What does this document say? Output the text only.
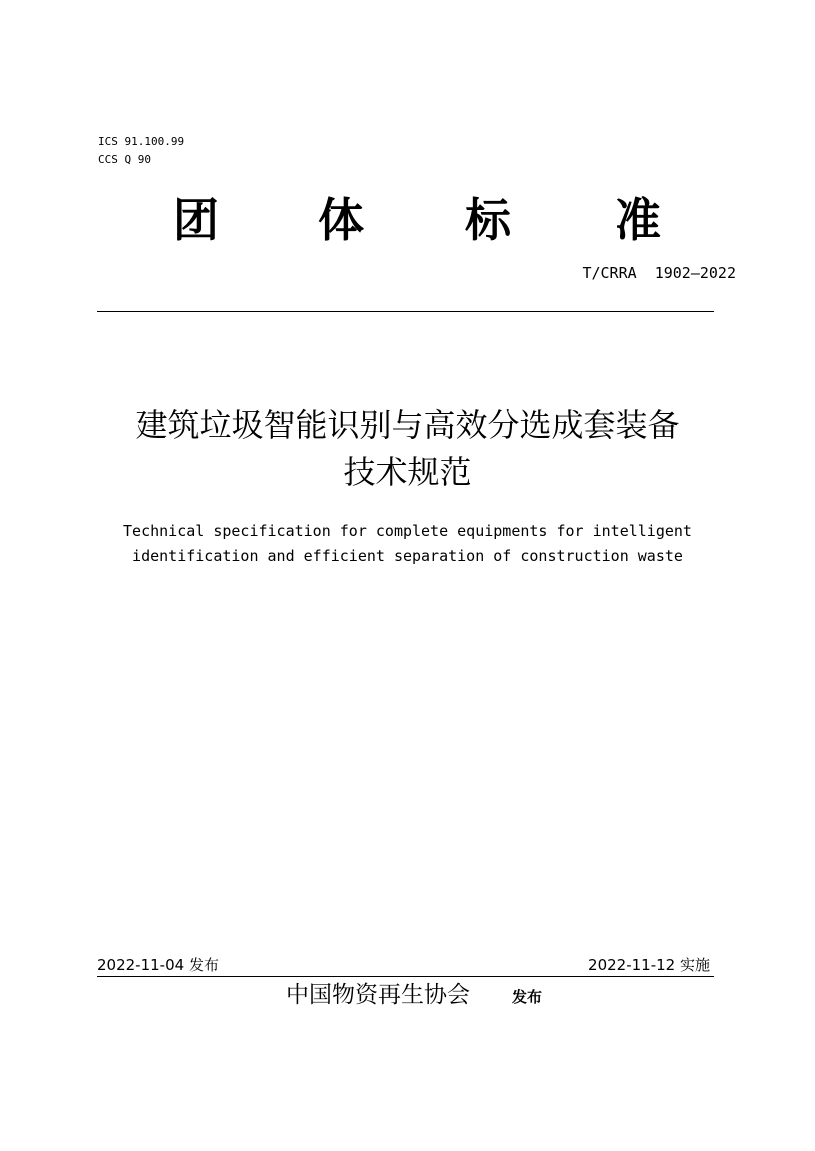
ICS 91.100.99
CCS Q 90
团 体 标 准
T/CRRA  1902—2022
建筑垃圾智能识别与高效分选成套装备
技术规范
Technical specification for complete equipments for intelligent
identification and efficient separation of construction waste
2022-11-04 发布	2022-11-12 实施
中国物资再生协会	发布
